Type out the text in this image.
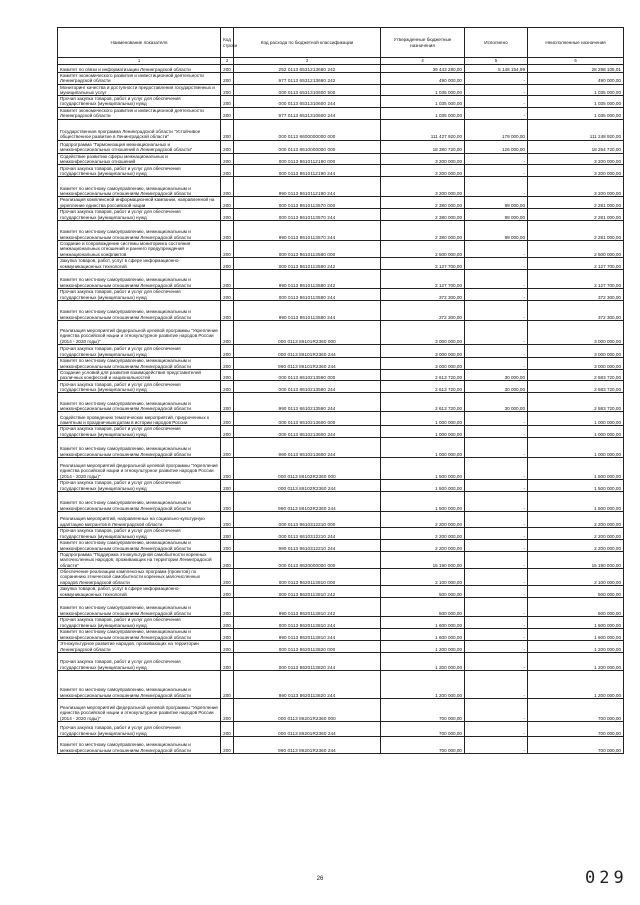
Наименование показателя	Код строки	Код расхода по бюджетной классификации	Утвержденные бюджетные назначения	Исполнено	Неисполненные назначения
1	2	3	4	5	6
Комитет по связи и информатизации Ленинградской области	200	252 0113 6531213660 242	39 443 280,00	5 148 154,99	28 298 105,01
Комитет экономического развития и инвестиционной деятельности Ленинградской области	200	977 0113 6531213660 242	490 000,00	-	490 000,00
Мониторинг качества и доступности предоставления государственных и муниципальных услуг	200	000 0113 6531310600 500	1 035 000,00	-	1 035 000,00
Прочая закупка товаров, работ и услуг для обеспечения государственных (муниципальных) нужд	200	000 0113 6531310600 244	1 035 000,00	-	1 035 000,00
Комитет экономического развития и инвестиционной деятельности Ленинградской области	200	977 0113 6531310600 244	1 035 000,00	-	1 035 000,00
Государственная программа Ленинградской области "Устойчивое общественное развитие в Ленинградской области"	200	000 0113 8600000000 000	111 427 920,00	179 000,00	111 248 920,00
Подпрограмма "Гармонизация межнациональных и межконфессиональных отношений в Ленинградской области"	200	000 0113 8610000000 000	18 380 720,00	126 000,00	18 254 720,00
Содействие развитию сферы межнациональных и межконфессиональных отношений	200	000 0113 8610112190 000	3 200 000,00	-	3 200 000,00
Прочая закупка товаров, работ и услуг для обеспечения государственных (муниципальных) нужд	200	000 0113 8610112190 244	3 200 000,00	-	3 200 000,00
Комитет по местному самоуправлению, межнациональным и межконфессиональным отношениям Ленинградской области	200	990 0113 8610112190 244	3 200 000,00	-	3 200 000,00
Реализация комплексной информационной кампании, направленной на укрепление единства российской нации	200	000 0113 8610113570 000	2 380 000,00	99 000,00	2 281 000,00
Прочая закупка товаров, работ и услуг для обеспечения государственных (муниципальных) нужд	200	000 0113 8610113570 244	2 380 000,00	99 000,00	2 281 000,00
Комитет по местному самоуправлению, межнациональным и межконфессиональным отношениям Ленинградской области	200	990 0113 8610113570 244	2 380 000,00	99 000,00	2 281 000,00
Создание и сопровождение системы мониторинга состояния межнациональных отношений и раннего предупреждения межнациональных конфликтов	200	000 0113 8610113580 000	2 500 000,00	-	2 500 000,00
Закупка товаров, работ, услуг в сфере информационно-коммуникационных технологий	200	000 0113 8610113580 242	2 127 700,00	-	2 127 700,00
Комитет по местному самоуправлению, межнациональным и межконфессиональным отношениям Ленинградской области	200	990 0113 8610113580 242	2 127 700,00	-	2 127 700,00
Прочая закупка товаров, работ и услуг для обеспечения государственных (муниципальных) нужд	200	000 0113 8610113580 244	372 300,00	-	372 300,00
Комитет по местному самоуправлению, межнациональным и межконфессиональным отношениям Ленинградской области	200	990 0113 8610113580 244	372 300,00	-	372 300,00
Реализация мероприятий федеральной целевой программы "Укрепление единства российской нации и этнокультурное развитие народов России (2014 - 2020 годы)"	200	000 0113 86101R2360 000	3 000 000,00	-	3 000 000,00
Прочая закупка товаров, работ и услуг для обеспечения государственных (муниципальных) нужд	200	000 0113 86101R2360 244	3 000 000,00	-	3 000 000,00
Комитет по местному самоуправлению, межнациональным и межконфессиональным отношениям Ленинградской области	200	990 0113 86101R2360 244	3 000 000,00	-	3 000 000,00
Создание условий для развития взаимодействия представителей различных конфессий и национальностей	200	000 0113 8610213590 000	2 613 720,00	30 000,00	2 583 720,00
Прочая закупка товаров, работ и услуг для обеспечения государственных (муниципальных) нужд	200	000 0113 8610213590 244	2 613 720,00	30 000,00	2 583 720,00
Комитет по местному самоуправлению, межнациональным и межконфессиональным отношениям Ленинградской области	200	990 0113 8610213590 244	2 613 720,00	30 000,00	2 583 720,00
Содействие проведению тематических мероприятий, приуроченных к памятным и праздничным датам в истории народов России	200	000 0113 8610213600 000	1 000 000,00	-	1 000 000,00
Прочая закупка товаров, работ и услуг для обеспечения государственных (муниципальных) нужд	200	000 0113 8610213600 244	1 000 000,00	-	1 000 000,00
Комитет по местному самоуправлению, межнациональным и межконфессиональным отношениям Ленинградской области	200	990 0113 8610213600 244	1 000 000,00	-	1 000 000,00
Реализация мероприятий федеральной целевой программы "Укрепление единства российской нации и этнокультурное развитие народов России (2014 - 2020 годы)"	200	000 0113 86102R2360 000	1 500 000,00	-	1 500 000,00
Прочая закупка товаров, работ и услуг для обеспечения государственных (муниципальных) нужд	200	000 0113 86102R2360 244	1 500 000,00	-	1 500 000,00
Комитет по местному самоуправлению, межнациональным и межконфессиональным отношениям Ленинградской области	200	990 0113 86102R2360 244	1 500 000,00	-	1 500 000,00
Реализация мероприятий, направленных на социально-культурную адаптацию мигрантов в Ленинградской области	200	000 0113 8610312210 000	2 200 000,00	-	2 200 000,00
Прочая закупка товаров, работ и услуг для обеспечения государственных (муниципальных) нужд	200	000 0113 8610312210 244	2 200 000,00	-	2 200 000,00
Комитет по местному самоуправлению, межнациональным и межконфессиональным отношениям Ленинградской области	200	990 0113 8610312210 244	2 200 000,00	-	2 200 000,00
Подпрограмма "Поддержка этнокультурной самобытности коренных малочисленных народов, проживающих на территории Ленинградской области"	200	000 0113 8620000000 000	15 190 000,00	-	15 190 000,00
Обеспечение реализации комплексных программ (проектов) по сохранению этнической самобытности коренных малочисленных народов Ленинградской области	200	000 0113 8620113810 000	2 100 000,00	-	2 100 000,00
Закупка товаров, работ, услуг в сфере информационно-коммуникационных технологий	200	000 0113 8620113810 242	500 000,00	-	500 000,00
Комитет по местному самоуправлению, межнациональным и межконфессиональным отношениям Ленинградской области	200	990 0113 8620113810 242	500 000,00	-	500 000,00
Прочая закупка товаров, работ и услуг для обеспечения государственных (муниципальных) нужд	200	000 0113 8620113810 244	1 600 000,00	-	1 600 000,00
Комитет по местному самоуправлению, межнациональным и межконфессиональным отношениям Ленинградской области	200	990 0113 8620113810 244	1 600 000,00	-	1 600 000,00
Этнокультурное развитие народов, проживающих на территории Ленинградской области	200	000 0113 8620113820 000	1 200 000,00	-	1 200 000,00
Прочая закупка товаров, работ и услуг для обеспечения государственных (муниципальных) нужд	200	000 0113 8620113820 244	1 200 000,00	-	1 200 000,00
Комитет по местному самоуправлению, межнациональным и межконфессиональным отношениям Ленинградской области	200	990 0113 8620113820 244	1 200 000,00	-	1 200 000,00
Реализация мероприятий федеральной целевой программы "Укрепление единства российской нации и этнокультурное развитие народов России (2014 - 2020 годы)"	200	000 0113 86201R2360 000	700 000,00	-	700 000,00
Прочая закупка товаров, работ и услуг для обеспечения государственных (муниципальных) нужд	200	000 0113 86201R2360 244	700 000,00	-	700 000,00
Комитет по местному самоуправлению, межнациональным и межконфессиональным отношениям Ленинградской области	200	990 0113 86201R2360 244	700 000,00	-	700 000,00
26	029
